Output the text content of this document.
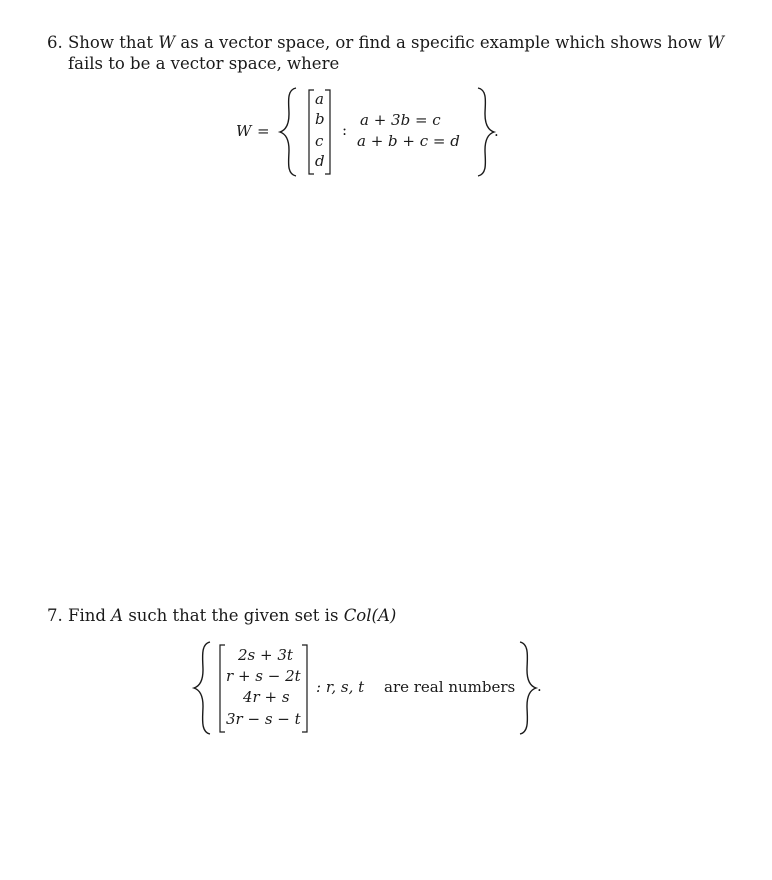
6. Show that W as a vector space, or find a specific example which shows how W
fails to be a vector space, where
W =
a
b
c
d
:
a + 3b = c
a + b + c = d
.
7. Find A such that the given set is Col(A)
2s + 3t
r + s − 2t
4r + s
3r − s − t
: r, s, t are real numbers .
